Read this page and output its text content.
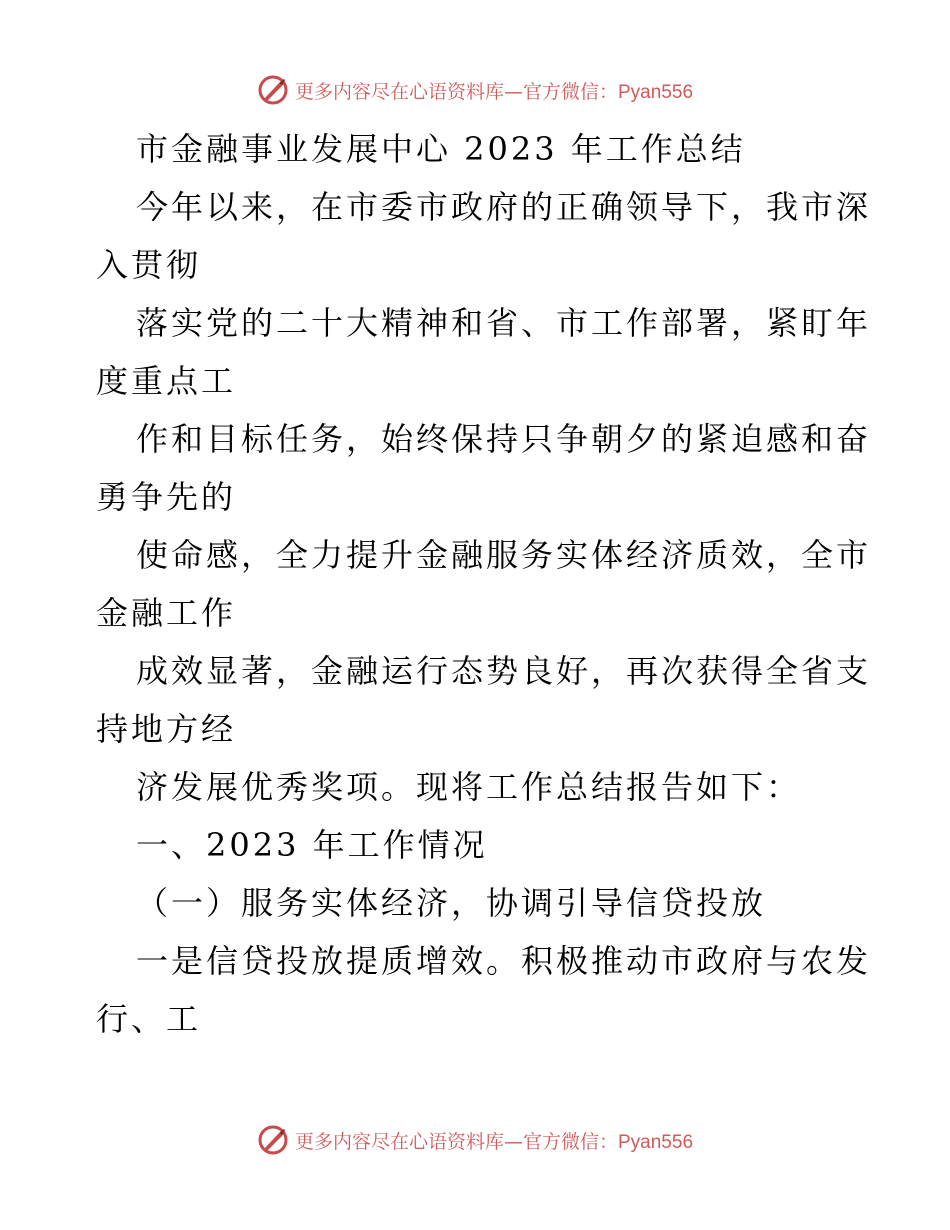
更多内容尽在心语资料库—官方微信：Pyan556
市金融事业发展中心 2023 年工作总结
今年以来，在市委市政府的正确领导下，我市深
入贯彻
落实党的二十大精神和省、市工作部署，紧盯年
度重点工
作和目标任务，始终保持只争朝夕的紧迫感和奋
勇争先的
使命感，全力提升金融服务实体经济质效，全市
金融工作
成效显著，金融运行态势良好，再次获得全省支
持地方经
济发展优秀奖项。现将工作总结报告如下：
一、2023 年工作情况
（一）服务实体经济，协调引导信贷投放
一是信贷投放提质增效。积极推动市政府与农发
行、工
更多内容尽在心语资料库—官方微信：Pyan556
